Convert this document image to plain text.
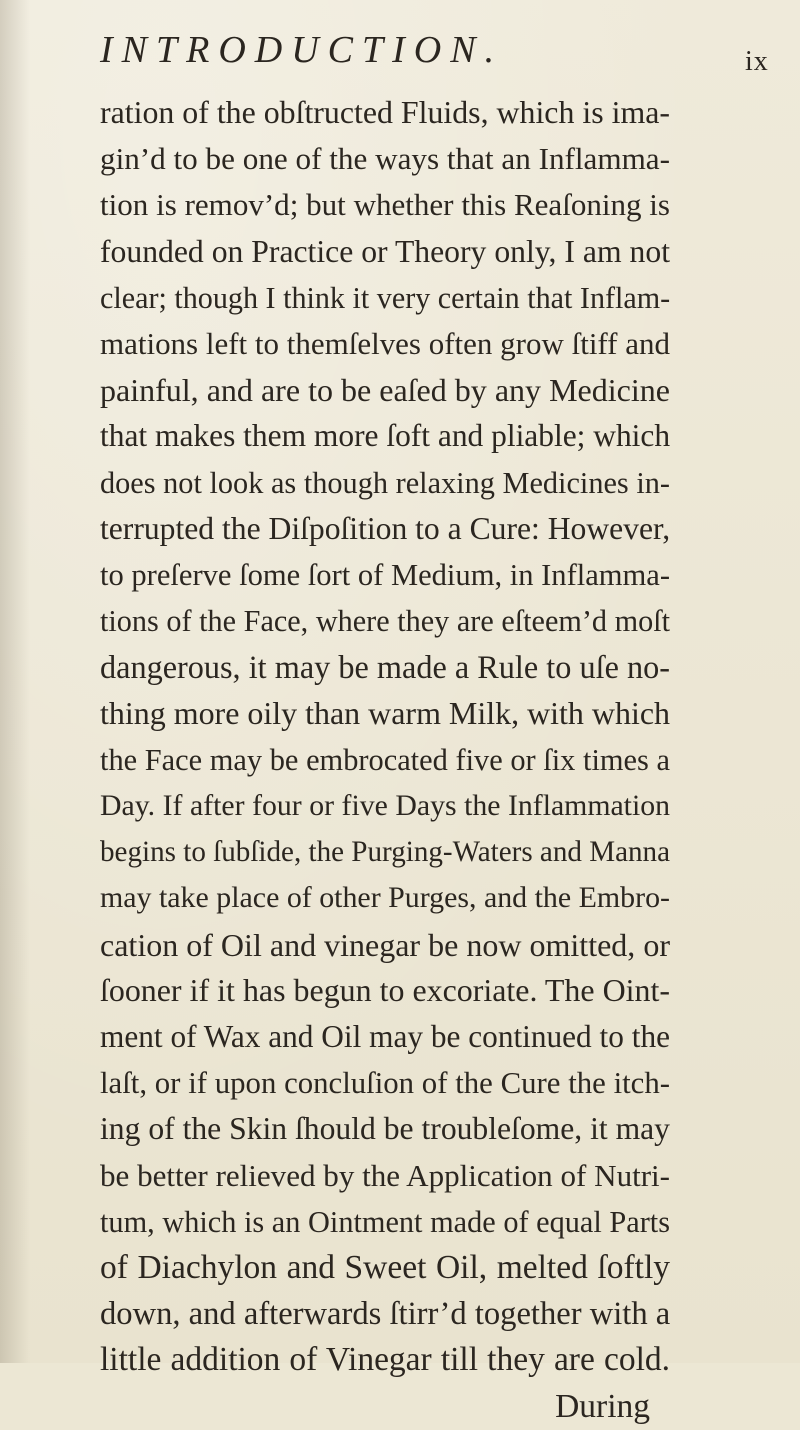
INTRODUCTION.	ix
ration of the obſtructed Fluids, which is ima-
gin’d to be one of the ways that an Inflamma-
tion is remov’d; but whether this Reaſoning is
founded on Practice or Theory only, I am not
clear; though I think it very certain that Inflam-
mations left to themſelves often grow ſtiff and
painful, and are to be eaſed by any Medicine
that makes them more ſoft and pliable; which
does not look as though relaxing Medicines in-
terrupted the Diſpoſition to a Cure: However,
to preſerve ſome ſort of Medium, in Inflamma-
tions of the Face, where they are eſteem’d moſt
dangerous, it may be made a Rule to uſe no-
thing more oily than warm Milk, with which
the Face may be embrocated five or ſix times a
Day. If after four or five Days the Inflammation
begins to ſubſide, the Purging-Waters and Manna
may take place of other Purges, and the Embro-
cation of Oil and vinegar be now omitted, or
ſooner if it has begun to excoriate. The Oint-
ment of Wax and Oil may be continued to the
laſt, or if upon concluſion of the Cure the itch-
ing of the Skin ſhould be troubleſome, it may
be better relieved by the Application of Nutri-
tum, which is an Ointment made of equal Parts
of Diachylon and Sweet Oil, melted ſoftly
down, and afterwards ſtirr’d together with a
little addition of Vinegar till they are cold.
During
